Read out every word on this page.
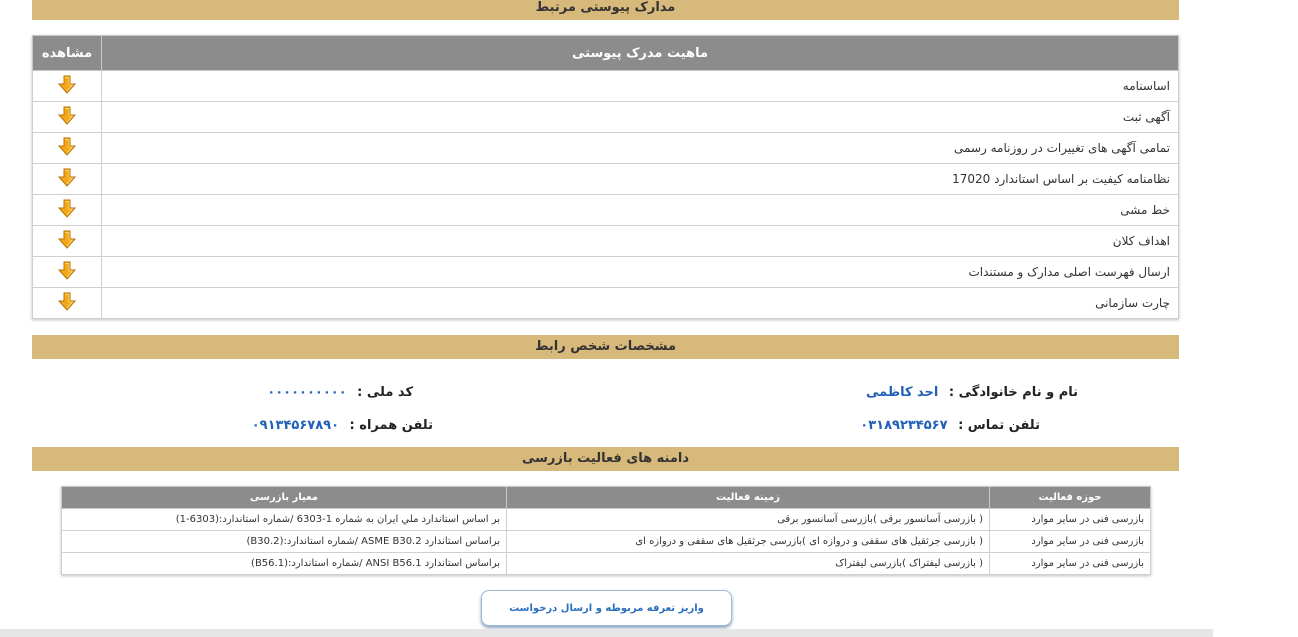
مدارک پیوستی مرتبط
ماهیت مدرک پیوستی	مشاهده
اساسنامه	
آگهی ثبت	
تمامی آگهی های تغییرات در روزنامه رسمی	
نظامنامه کیفیت بر اساس استاندارد 17020	
خط مشی	
اهداف کلان	
ارسال فهرست اصلی مدارک و مستندات	
چارت سازمانی	
مشخصات شخص رابط
نام و نام خانوادگی : احد کاظمی
کد ملی : ۰۰۰۰۰۰۰۰۰۰
تلفن تماس : ۰۳۱۸۹۲۳۴۵۶۷
تلفن همراه : ۰۹۱۳۴۵۶۷۸۹۰
دامنه های فعالیت بازرسی
حوزه فعالیت	زمینه فعالیت	معیار بازرسی
بازرسی فنی در سایر موارد	( بازرسی آسانسور برقی )بازرسی آسانسور برقی	بر اساس استاندارد ملي ايران به شماره 1-6303 /شماره استاندارد:(6303-1)
بازرسی فنی در سایر موارد	( بازرسی جرثقیل های سقفی و دروازه ای )بازرسی جرثقیل های سقفی و دروازه ای	براساس استاندارد ASME B30.2 /شماره استاندارد:(B30.2)
بازرسی فنی در سایر موارد	( بازرسی لیفتراک )بازرسی لیفتراک	براساس استاندارد ANSI B56.1 /شماره استاندارد:(B56.1)
واریز تعرفه مربوطه و ارسال درخواست
